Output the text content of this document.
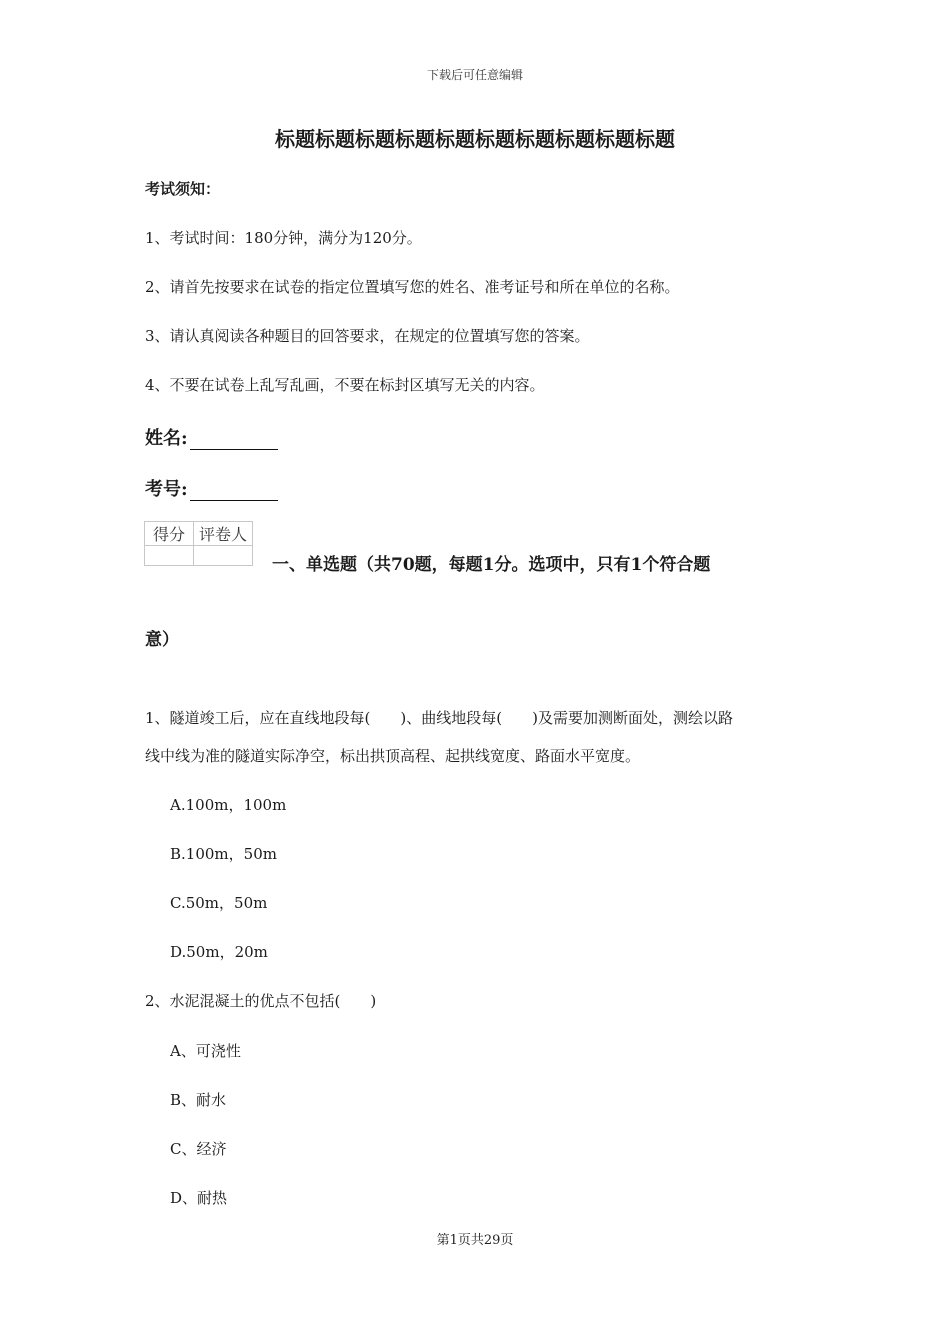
下载后可任意编辑
标题标题标题标题标题标题标题标题标题标题
考试须知：
1、考试时间：180分钟，满分为120分。
2、请首先按要求在试卷的指定位置填写您的姓名、准考证号和所在单位的名称。
3、请认真阅读各种题目的回答要求，在规定的位置填写您的答案。
4、不要在试卷上乱写乱画，不要在标封区填写无关的内容。
姓名:
考号:
得分	评卷人

一、单选题（共70题，每题1分。选项中，只有1个符合题
意）
1、隧道竣工后，应在直线地段每(　　)、曲线地段每(　　)及需要加测断面处，测绘以路
线中线为准的隧道实际净空，标出拱顶高程、起拱线宽度、路面水平宽度。
A.100m，100m
B.100m，50m
C.50m，50m
D.50m，20m
2、水泥混凝土的优点不包括(　　)
A、可浇性
B、耐水
C、经济
D、耐热
第1页共29页
